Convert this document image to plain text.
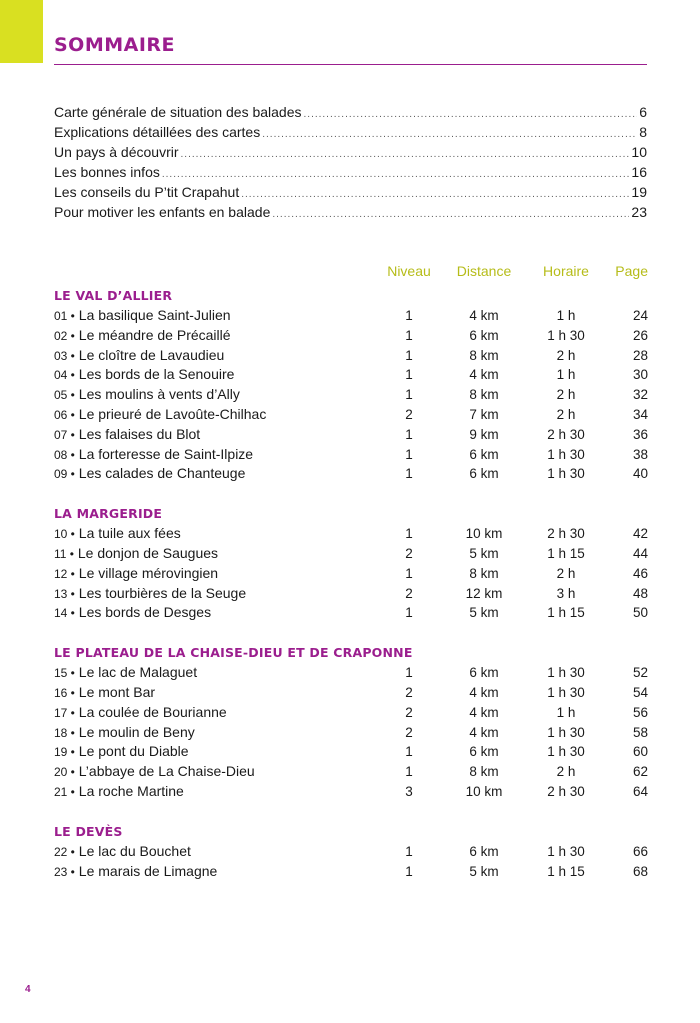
SOMMAIRE
Carte générale de situation des balades .....	6
Explications détaillées des cartes .....	8
Un pays à découvrir .....	10
Les bonnes infos .....	16
Les conseils du P’tit Crapahut .....	19
Pour motiver les enfants en balade .....	23
Niveau	Distance	Horaire	Page
LE VAL D’ALLIER
01 • La basilique Saint-Julien	1	4 km	1 h	24
02 • Le méandre de Précaillé	1	6 km	1 h 30	26
03 • Le cloître de Lavaudieu	1	8 km	2 h	28
04 • Les bords de la Senouire	1	4 km	1 h	30
05 • Les moulins à vents d’Ally	1	8 km	2 h	32
06 • Le prieuré de Lavoûte-Chilhac	2	7 km	2 h	34
07 • Les falaises du Blot	1	9 km	2 h 30	36
08 • La forteresse de Saint-Ilpize	1	6 km	1 h 30	38
09 • Les calades de Chanteuge	1	6 km	1 h 30	40
LA MARGERIDE
10 • La tuile aux fées	1	10 km	2 h 30	42
11 • Le donjon de Saugues	2	5 km	1 h 15	44
12 • Le village mérovingien	1	8 km	2 h	46
13 • Les tourbières de la Seuge	2	12 km	3 h	48
14 • Les bords de Desges	1	5 km	1 h 15	50
LE PLATEAU DE LA CHAISE-DIEU ET DE CRAPONNE
15 • Le lac de Malaguet	1	6 km	1 h 30	52
16 • Le mont Bar	2	4 km	1 h 30	54
17 • La coulée de Bourianne	2	4 km	1 h	56
18 • Le moulin de Beny	2	4 km	1 h 30	58
19 • Le pont du Diable	1	6 km	1 h 30	60
20 • L’abbaye de La Chaise-Dieu	1	8 km	2 h	62
21 • La roche Martine	3	10 km	2 h 30	64
LE DEVÈS
22 • Le lac du Bouchet	1	6 km	1 h 30	66
23 • Le marais de Limagne	1	5 km	1 h 15	68
4
